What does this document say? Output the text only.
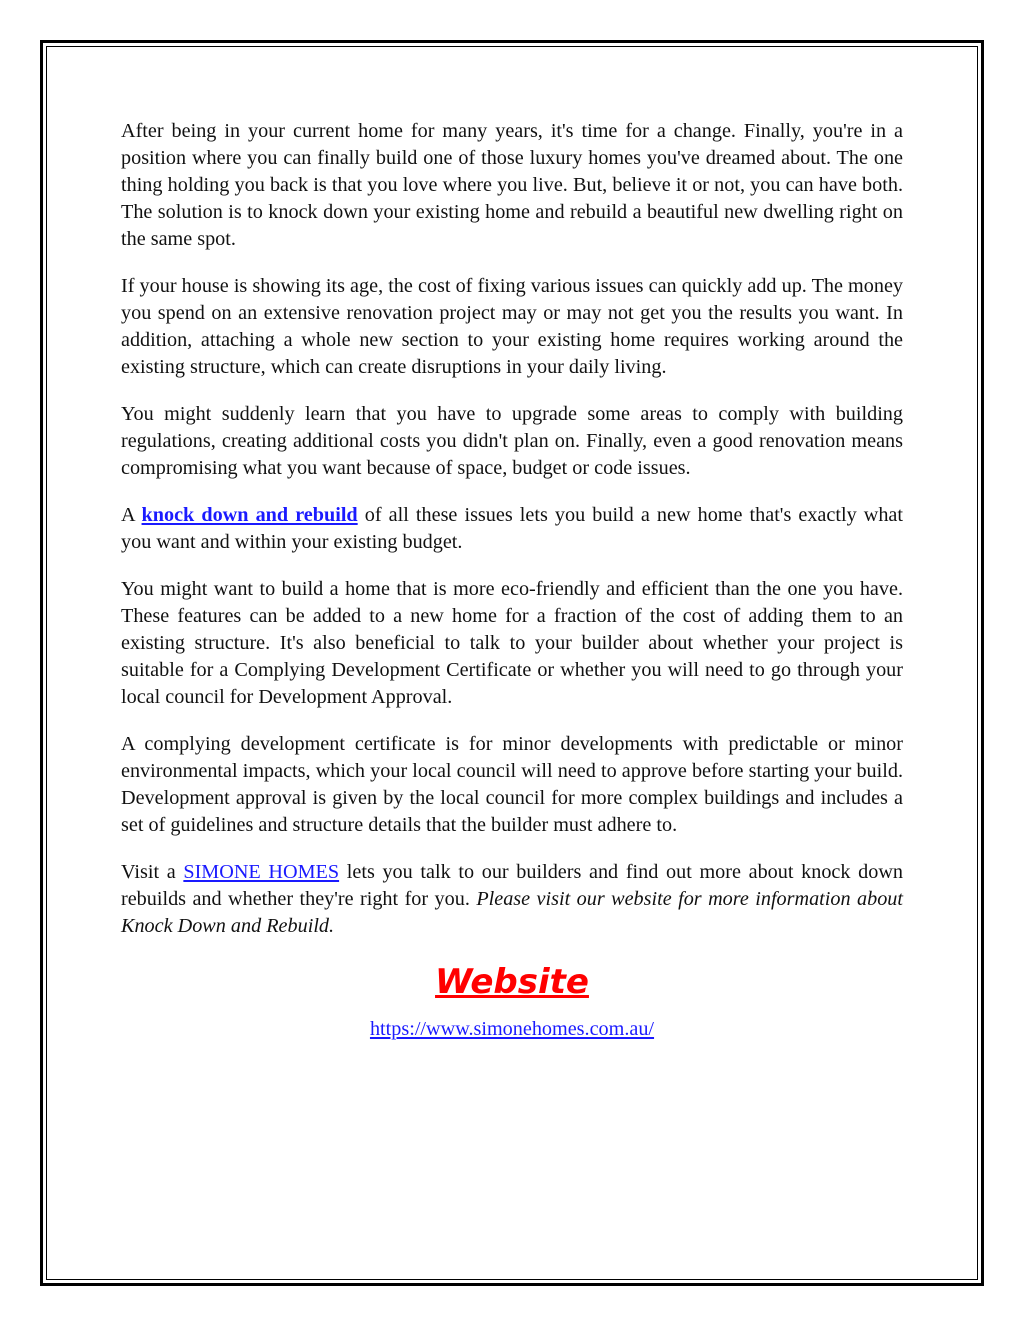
After being in your current home for many years, it's time for a change. Finally, you're in a position where you can finally build one of those luxury homes you've dreamed about. The one thing holding you back is that you love where you live. But, believe it or not, you can have both. The solution is to knock down your existing home and rebuild a beautiful new dwelling right on the same spot.

If your house is showing its age, the cost of fixing various issues can quickly add up. The money you spend on an extensive renovation project may or may not get you the results you want. In addition, attaching a whole new section to your existing home requires working around the existing structure, which can create disruptions in your daily living.

You might suddenly learn that you have to upgrade some areas to comply with building regulations, creating additional costs you didn't plan on. Finally, even a good renovation means compromising what you want because of space, budget or code issues.

A knock down and rebuild of all these issues lets you build a new home that's exactly what you want and within your existing budget.

You might want to build a home that is more eco-friendly and efficient than the one you have. These features can be added to a new home for a fraction of the cost of adding them to an existing structure. It's also beneficial to talk to your builder about whether your project is suitable for a Complying Development Certificate or whether you will need to go through your local council for Development Approval.

A complying development certificate is for minor developments with predictable or minor environmental impacts, which your local council will need to approve before starting your build. Development approval is given by the local council for more complex buildings and includes a set of guidelines and structure details that the builder must adhere to.

Visit a SIMONE HOMES lets you talk to our builders and find out more about knock down rebuilds and whether they're right for you. Please visit our website for more information about Knock Down and Rebuild.

Website
https://www.simonehomes.com.au/
